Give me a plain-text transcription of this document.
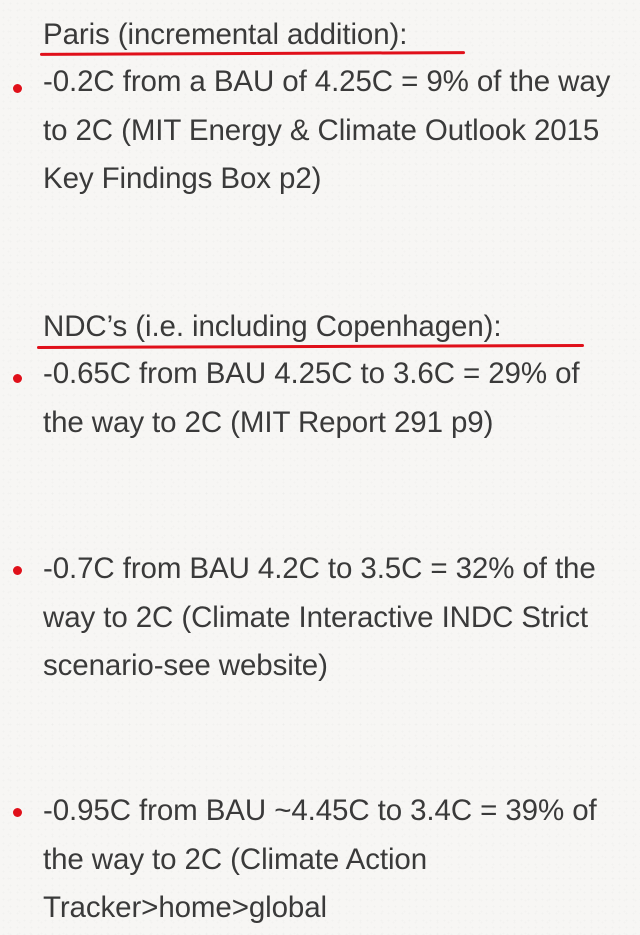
Paris (incremental addition):
-0.2C from a BAU of 4.25C = 9% of the way to 2C (MIT Energy & Climate Outlook 2015 Key Findings Box p2)
NDC’s (i.e. including Copenhagen):
-0.65C from BAU 4.25C to 3.6C = 29% of the way to 2C (MIT Report 291 p9)
-0.7C from BAU 4.2C to 3.5C = 32% of the way to 2C (Climate Interactive INDC Strict scenario-see website)
-0.95C from BAU ~4.45C to 3.4C = 39% of the way to 2C (Climate Action Tracker>home>global
